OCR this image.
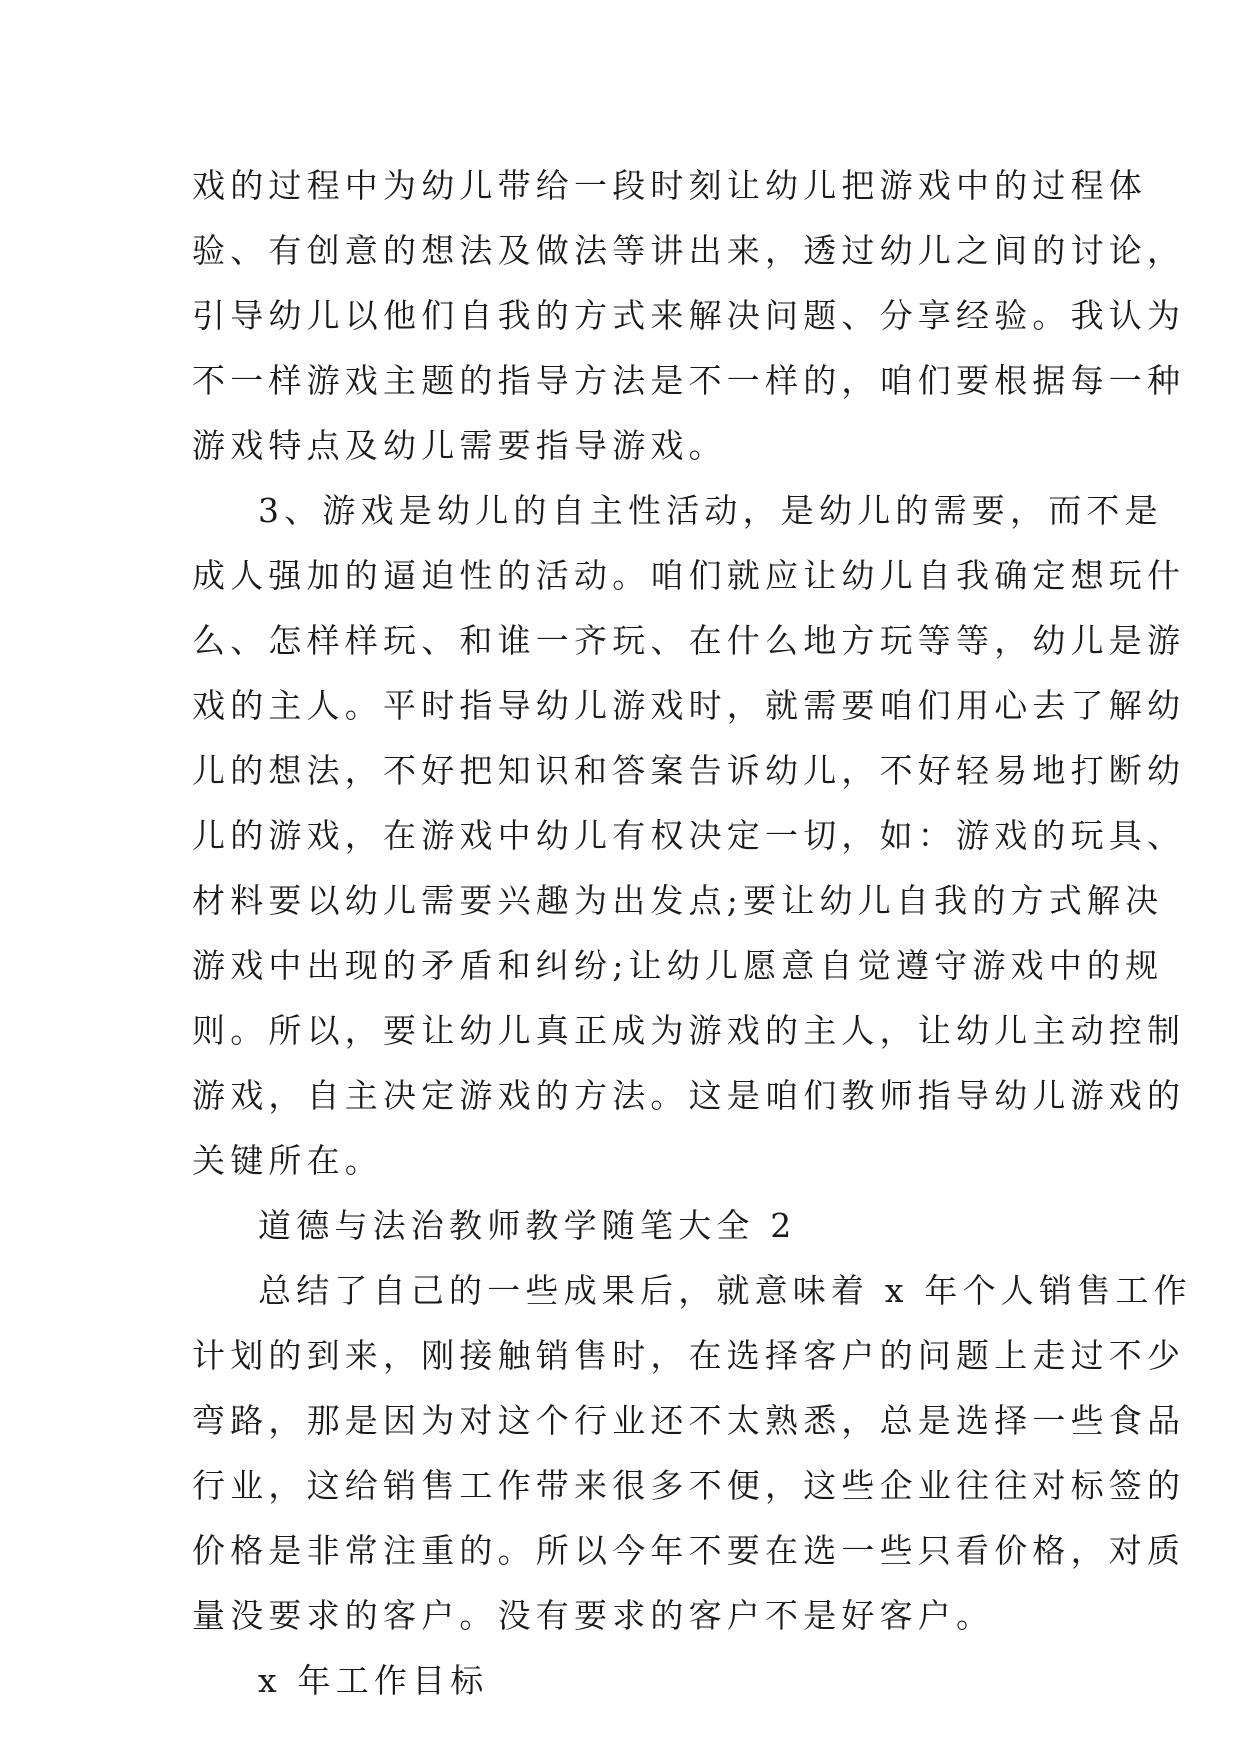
戏的过程中为幼儿带给一段时刻让幼儿把游戏中的过程体
验、有创意的想法及做法等讲出来，透过幼儿之间的讨论，
引导幼儿以他们自我的方式来解决问题、分享经验。我认为
不一样游戏主题的指导方法是不一样的，咱们要根据每一种
游戏特点及幼儿需要指导游戏。
3、游戏是幼儿的自主性活动，是幼儿的需要，而不是
成人强加的逼迫性的活动。咱们就应让幼儿自我确定想玩什
么、怎样样玩、和谁一齐玩、在什么地方玩等等，幼儿是游
戏的主人。平时指导幼儿游戏时，就需要咱们用心去了解幼
儿的想法，不好把知识和答案告诉幼儿，不好轻易地打断幼
儿的游戏，在游戏中幼儿有权决定一切，如：游戏的玩具、
材料要以幼儿需要兴趣为出发点;要让幼儿自我的方式解决
游戏中出现的矛盾和纠纷;让幼儿愿意自觉遵守游戏中的规
则。所以，要让幼儿真正成为游戏的主人，让幼儿主动控制
游戏，自主决定游戏的方法。这是咱们教师指导幼儿游戏的
关键所在。
道德与法治教师教学随笔大全 2
总结了自己的一些成果后，就意味着 x 年个人销售工作
计划的到来，刚接触销售时，在选择客户的问题上走过不少
弯路，那是因为对这个行业还不太熟悉，总是选择一些食品
行业，这给销售工作带来很多不便，这些企业往往对标签的
价格是非常注重的。所以今年不要在选一些只看价格，对质
量没要求的客户。没有要求的客户不是好客户。
x 年工作目标
